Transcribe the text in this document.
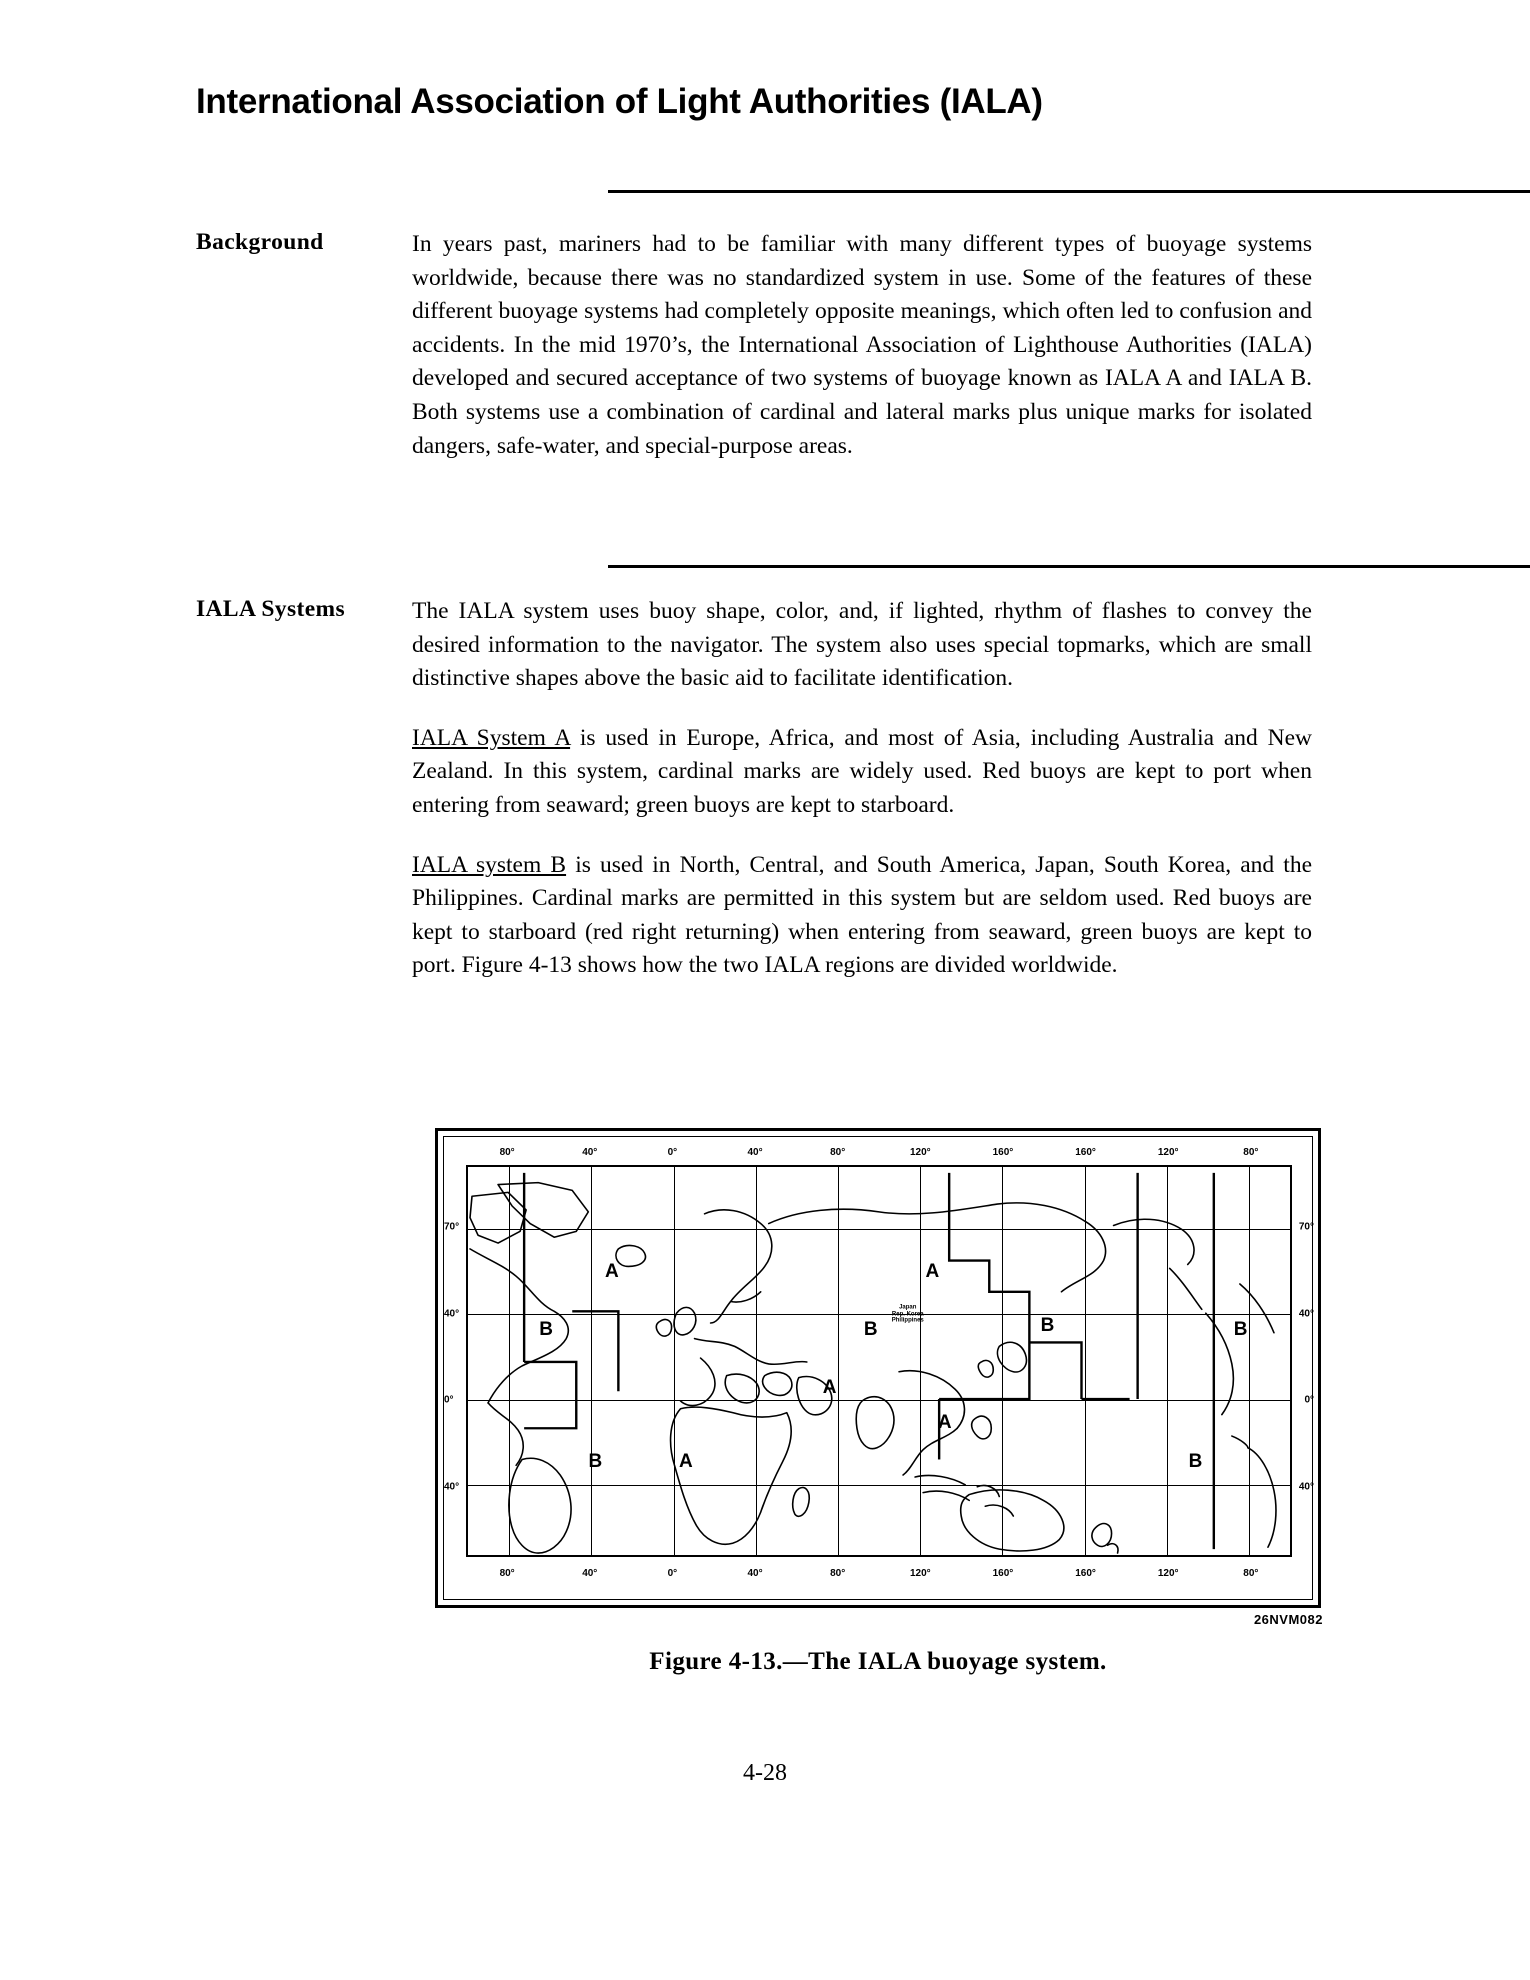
International Association of Light Authorities (IALA)
Background	In years past, mariners had to be familiar with many different types of buoyage systems worldwide, because there was no standardized system in use. Some of the features of these different buoyage systems had completely opposite meanings, which often led to confusion and accidents. In the mid 1970’s, the International Association of Lighthouse Authorities (IALA) developed and secured acceptance of two systems of buoyage known as IALA A and IALA B. Both systems use a combination of cardinal and lateral marks plus unique marks for isolated dangers, safe-water, and special-purpose areas.

IALA Systems	The IALA system uses buoy shape, color, and, if lighted, rhythm of flashes to convey the desired information to the navigator. The system also uses special topmarks, which are small distinctive shapes above the basic aid to facilitate identification.

IALA System A is used in Europe, Africa, and most of Asia, including Australia and New Zealand. In this system, cardinal marks are widely used. Red buoys are kept to port when entering from seaward; green buoys are kept to starboard.

IALA system B is used in North, Central, and South America, Japan, South Korea, and the Philippines. Cardinal marks are permitted in this system but are seldom used. Red buoys are kept to starboard (red right returning) when entering from seaward, green buoys are kept to port. Figure 4-13 shows how the two IALA regions are divided worldwide.

80°	40°	0°	40°	80°	120°	160°	160°	120°	80°
80°	40°	0°	40°	80°	120°	160°	160°	120°	80°
70°
40°
0°
40°
70°
40°
0°
40°
A
B
A
B	B	B
A
A
B	A	B
Japan
Rep. Korea
Philippines
26NVM082
Figure 4-13.—The IALA buoyage system.
4-28
